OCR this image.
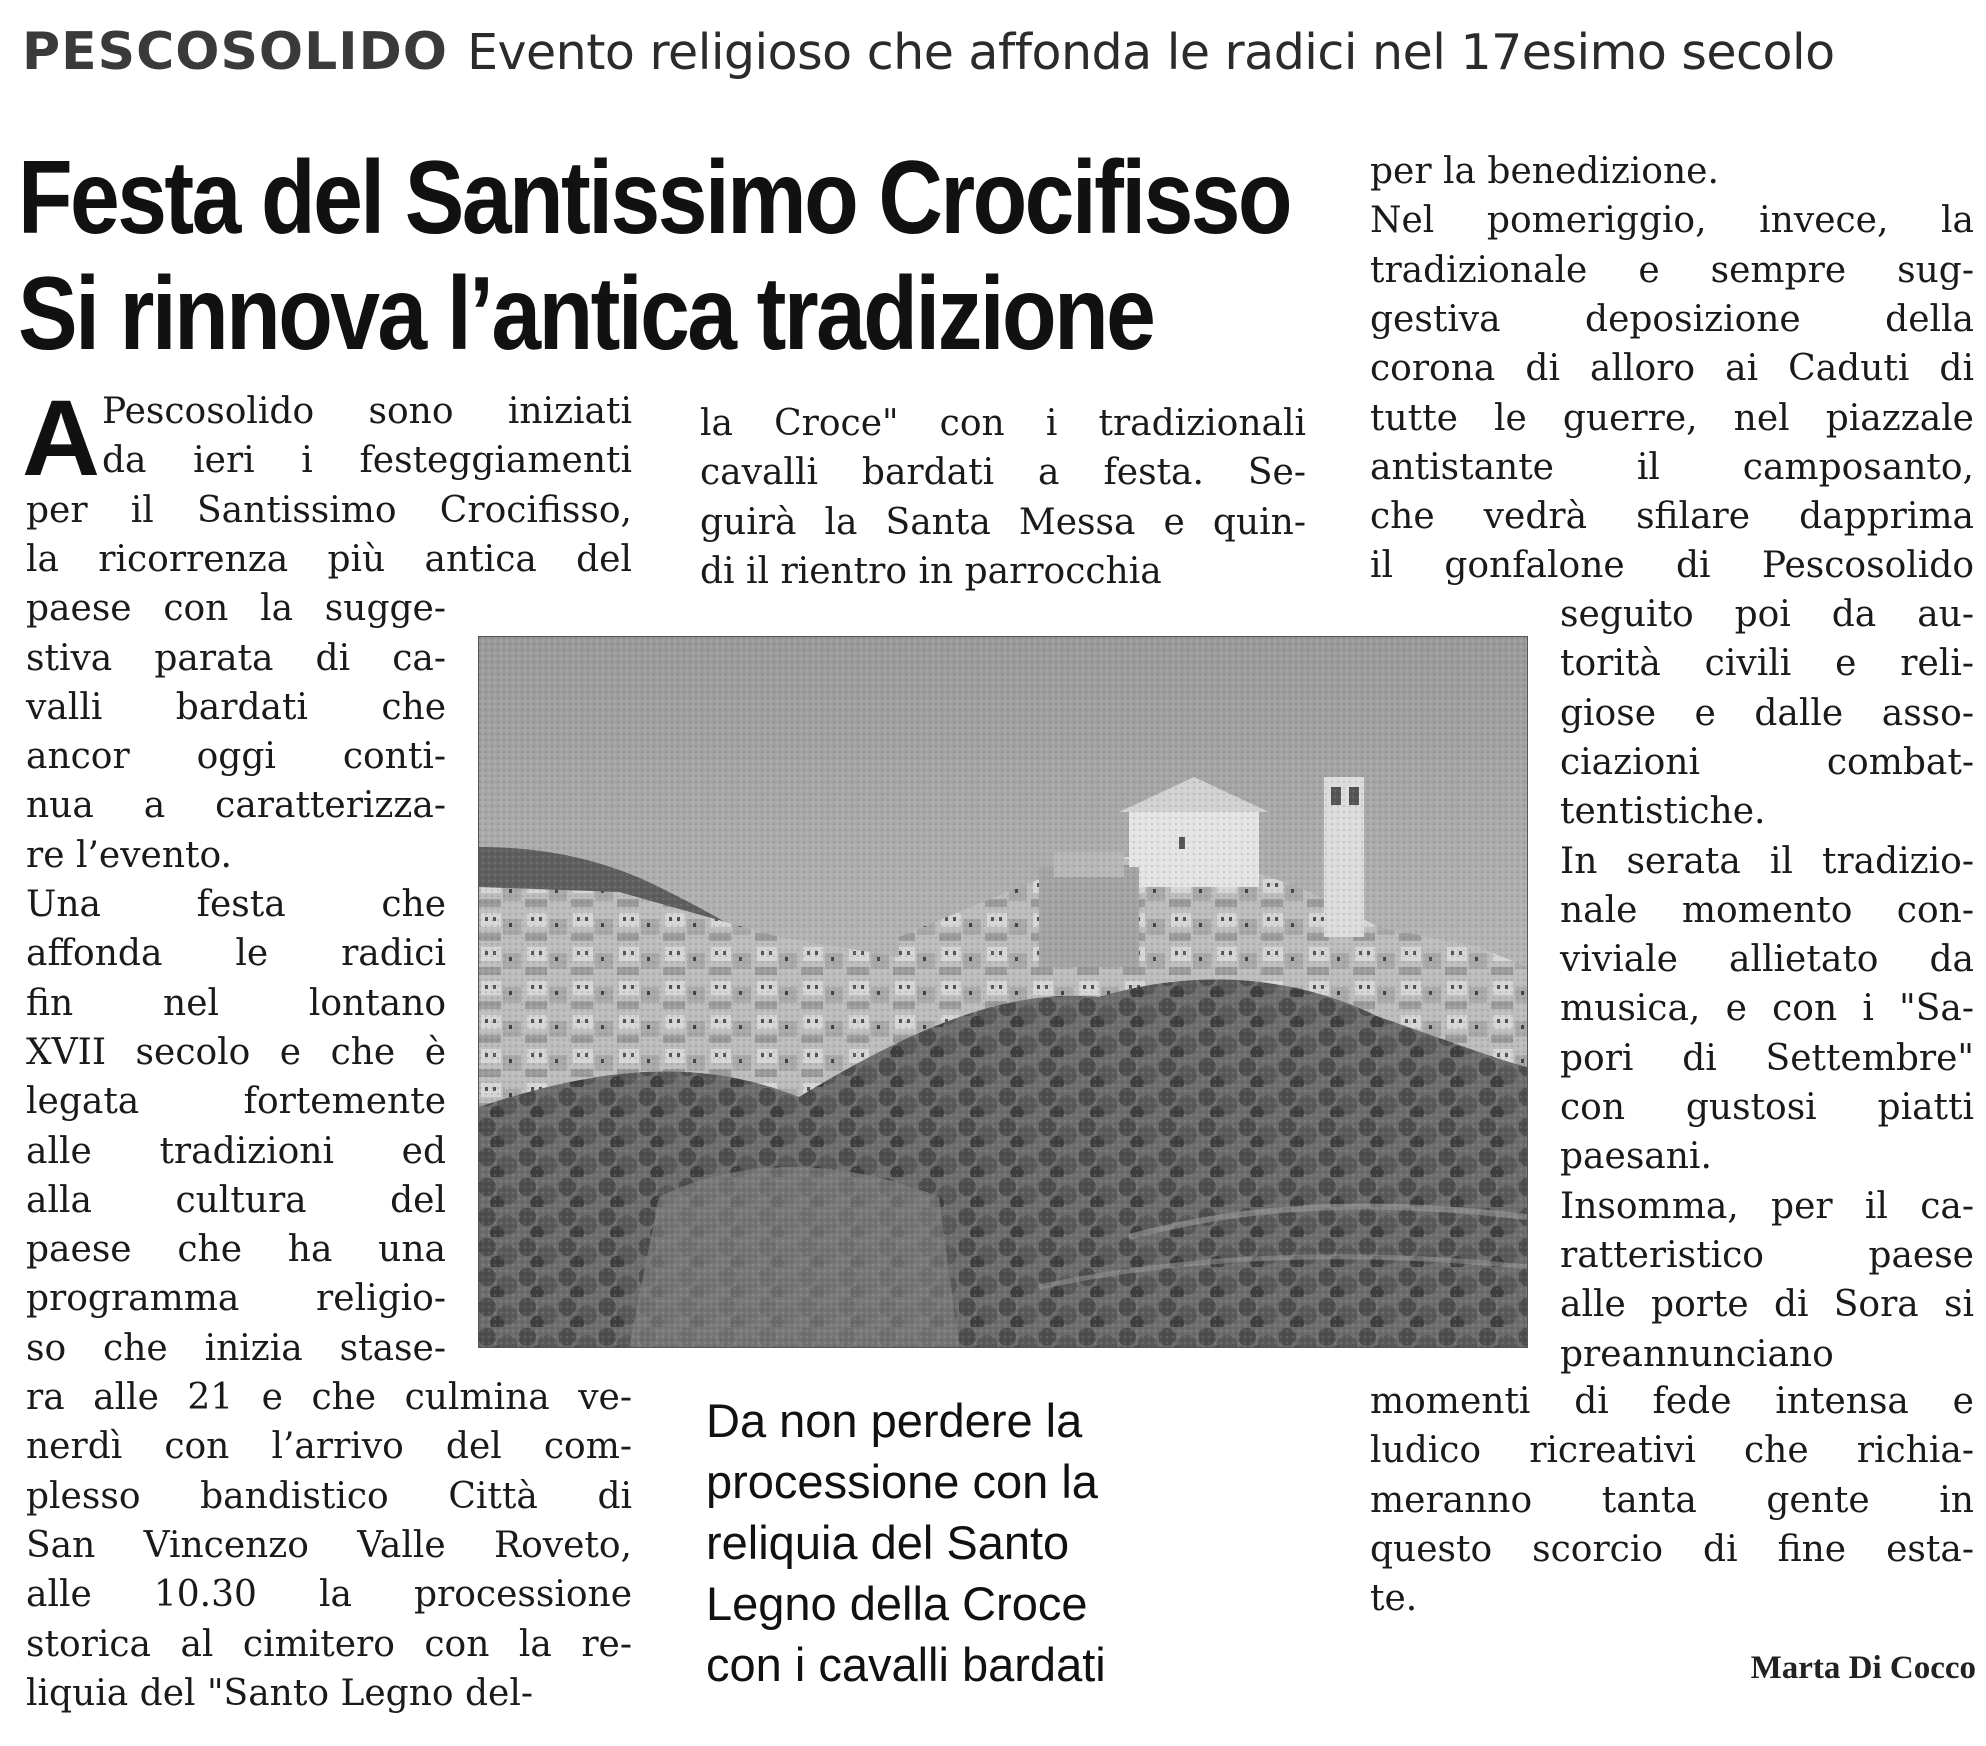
PESCOSOLIDO Evento religioso che affonda le radici nel 17esimo secolo
Festa del Santissimo Crocifisso
Si rinnova l’antica tradizione
A Pescosolido sono iniziati
da ieri i festeggiamenti
per il Santissimo Crocifisso,
la ricorrenza più antica del
paese con la sugge-
stiva parata di ca-
valli bardati che
ancor oggi conti-
nua a caratterizza-
re l’evento.
Una festa che
affonda le radici
fin nel lontano
XVII secolo e che è
legata fortemente
alle tradizioni ed
alla cultura del
paese che ha una
programma religio-
so che inizia stase-
ra alle 21 e che culmina ve-
nerdì con l’arrivo del com-
plesso bandistico Città di
San Vincenzo Valle Roveto,
alle 10.30 la processione
storica al cimitero con la re-
liquia del "Santo Legno del-
la Croce" con i tradizionali
cavalli bardati a festa. Se-
guirà la Santa Messa e quin-
di il rientro in parrocchia
per la benedizione.
Nel pomeriggio, invece, la
tradizionale e sempre sug-
gestiva deposizione della
corona di alloro ai Caduti di
tutte le guerre, nel piazzale
antistante il camposanto,
che vedrà sfilare dapprima
il gonfalone di Pescosolido
seguito poi da au-
torità civili e reli-
giose e dalle asso-
ciazioni combat-
tentistiche.
In serata il tradizio-
nale momento con-
viviale allietato da
musica, e con i "Sa-
pori di Settembre"
con gustosi piatti
paesani.
Insomma, per il ca-
ratteristico paese
alle porte di Sora si
preannunciano
momenti di fede intensa e
ludico ricreativi che richia-
meranno tanta gente in
questo scorcio di fine esta-
te.
Da non perdere la
processione con la
reliquia del Santo
Legno della Croce
con i cavalli bardati	Marta Di Cocco
